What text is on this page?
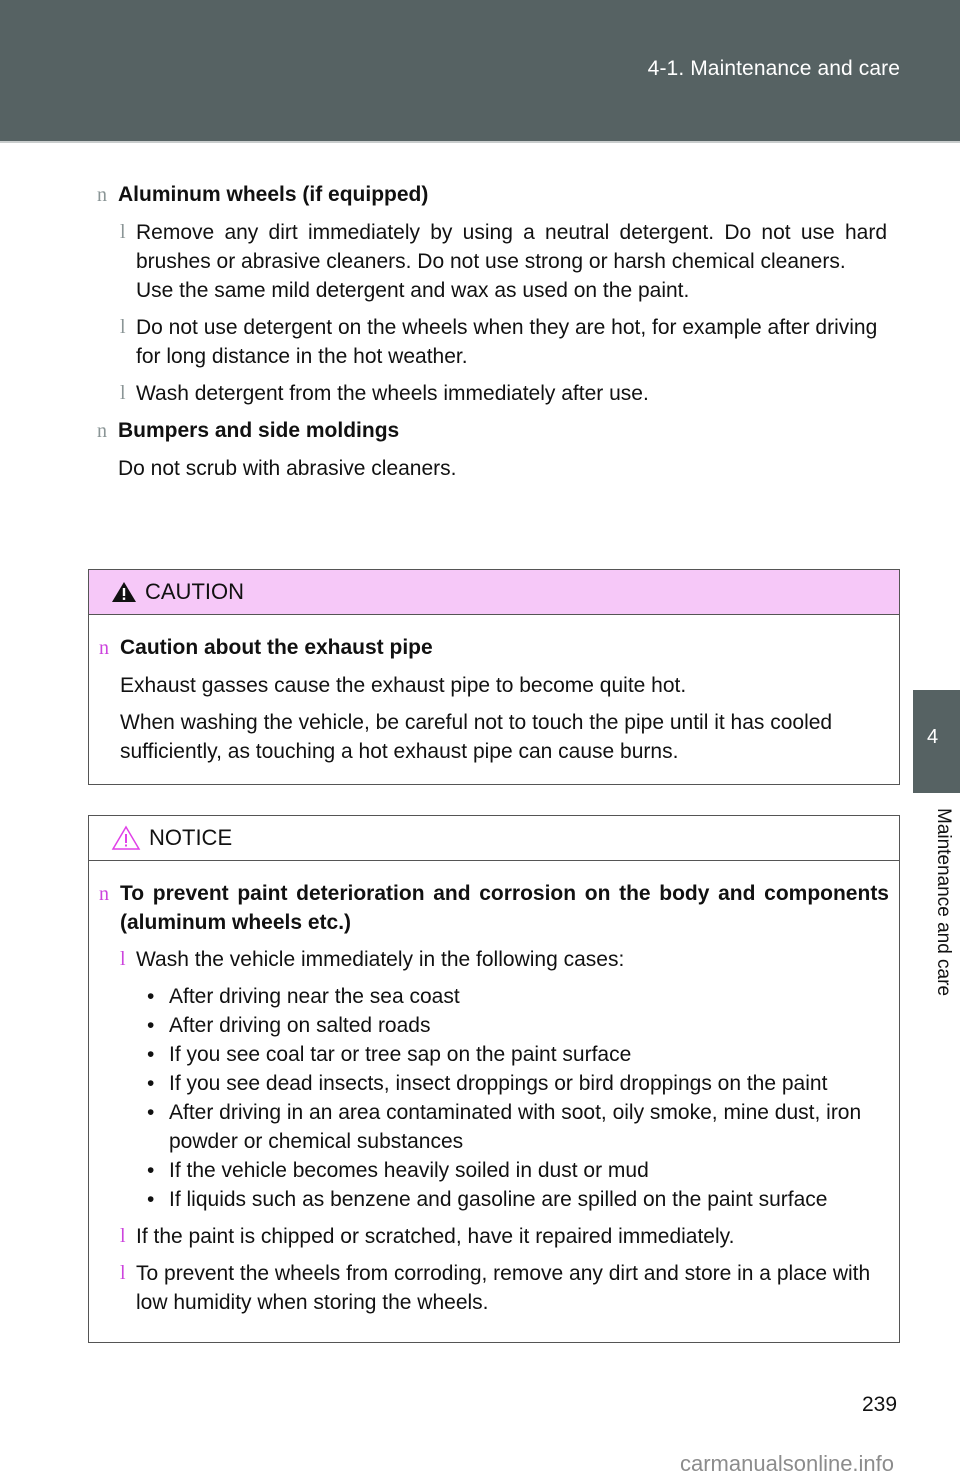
4-1. Maintenance and care
4
Maintenance and care
n Aluminum wheels (if equipped)
l Remove any dirt immediately by using a neutral detergent. Do not use hard brushes or abrasive cleaners. Do not use strong or harsh chemical cleaners.
Use the same mild detergent and wax as used on the paint.
l Do not use detergent on the wheels when they are hot, for example after driving for long distance in the hot weather.
l Wash detergent from the wheels immediately after use.
n Bumpers and side moldings
Do not scrub with abrasive cleaners.
CAUTION
n Caution about the exhaust pipe
Exhaust gasses cause the exhaust pipe to become quite hot.
When washing the vehicle, be careful not to touch the pipe until it has cooled sufficiently, as touching a hot exhaust pipe can cause burns.
NOTICE
n To prevent paint deterioration and corrosion on the body and components (aluminum wheels etc.)
l Wash the vehicle immediately in the following cases:
• After driving near the sea coast
• After driving on salted roads
• If you see coal tar or tree sap on the paint surface
• If you see dead insects, insect droppings or bird droppings on the paint
• After driving in an area contaminated with soot, oily smoke, mine dust, iron powder or chemical substances
• If the vehicle becomes heavily soiled in dust or mud
• If liquids such as benzene and gasoline are spilled on the paint surface
l If the paint is chipped or scratched, have it repaired immediately.
l To prevent the wheels from corroding, remove any dirt and store in a place with low humidity when storing the wheels.
239
carmanualsonline.info
